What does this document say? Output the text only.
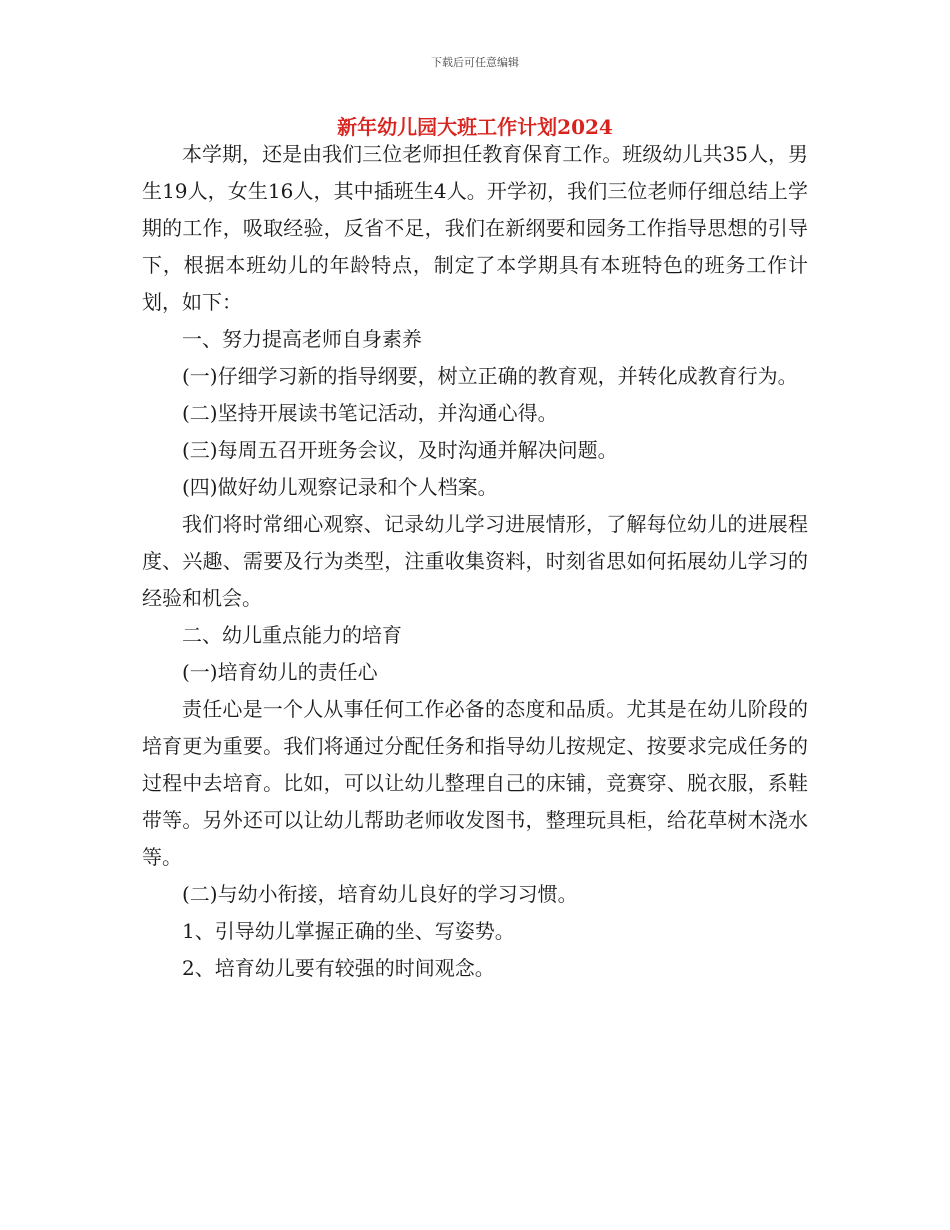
下载后可任意编辑
新年幼儿园大班工作计划2024

本学期，还是由我们三位老师担任教育保育工作。班级幼儿共35人，男生19人，女生16人，其中插班生4人。开学初，我们三位老师仔细总结上学期的工作，吸取经验，反省不足，我们在新纲要和园务工作指导思想的引导下，根据本班幼儿的年龄特点，制定了本学期具有本班特色的班务工作计划，如下：

一、努力提高老师自身素养

(一)仔细学习新的指导纲要，树立正确的教育观，并转化成教育行为。

(二)坚持开展读书笔记活动，并沟通心得。

(三)每周五召开班务会议，及时沟通并解决问题。

(四)做好幼儿观察记录和个人档案。

我们将时常细心观察、记录幼儿学习进展情形，了解每位幼儿的进展程度、兴趣、需要及行为类型，注重收集资料，时刻省思如何拓展幼儿学习的经验和机会。

二、幼儿重点能力的培育

(一)培育幼儿的责任心

责任心是一个人从事任何工作必备的态度和品质。尤其是在幼儿阶段的培育更为重要。我们将通过分配任务和指导幼儿按规定、按要求完成任务的过程中去培育。比如，可以让幼儿整理自己的床铺，竞赛穿、脱衣服，系鞋带等。另外还可以让幼儿帮助老师收发图书，整理玩具柜，给花草树木浇水等。

(二)与幼小衔接，培育幼儿良好的学习习惯。

1、引导幼儿掌握正确的坐、写姿势。

2、培育幼儿要有较强的时间观念。
